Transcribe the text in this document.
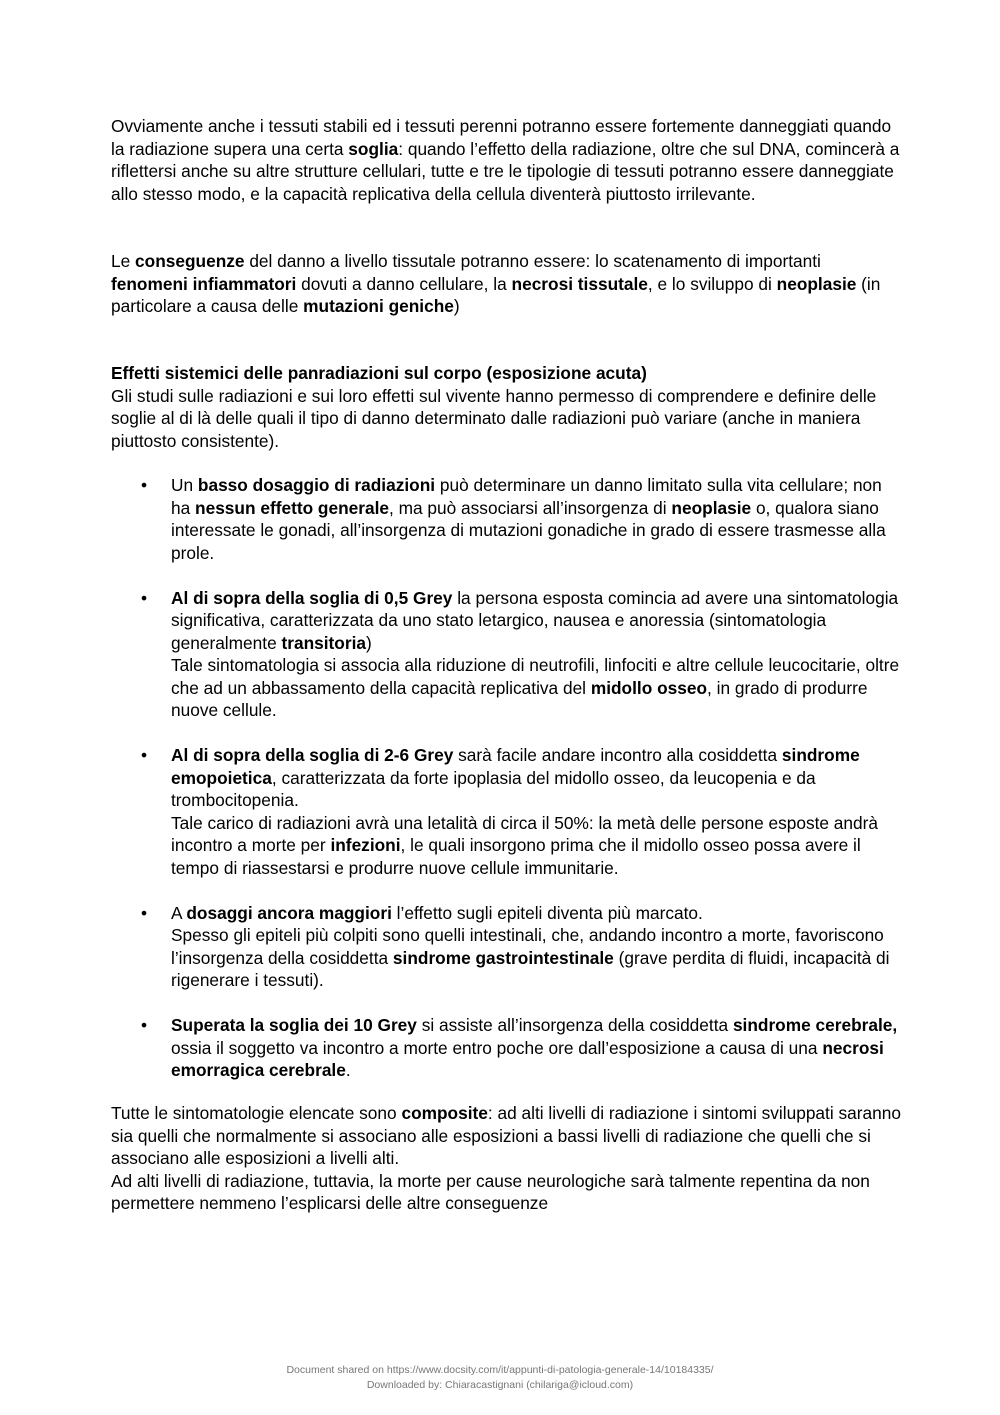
Ovviamente anche i tessuti stabili ed i tessuti perenni potranno essere fortemente danneggiati quando la radiazione supera una certa soglia: quando l’effetto della radiazione, oltre che sul DNA, comincerà a riflettersi anche su altre strutture cellulari, tutte e tre le tipologie di tessuti potranno essere danneggiate allo stesso modo, e la capacità replicativa della cellula diventerà piuttosto irrilevante.

Le conseguenze del danno a livello tissutale potranno essere: lo scatenamento di importanti fenomeni infiammatori dovuti a danno cellulare, la necrosi tissutale, e lo sviluppo di neoplasie (in particolare a causa delle mutazioni geniche)

Effetti sistemici delle panradiazioni sul corpo (esposizione acuta)

Gli studi sulle radiazioni e sui loro effetti sul vivente hanno permesso di comprendere e definire delle soglie al di là delle quali il tipo di danno determinato dalle radiazioni può variare (anche in maniera piuttosto consistente).

• Un basso dosaggio di radiazioni può determinare un danno limitato sulla vita cellulare; non ha nessun effetto generale, ma può associarsi all’insorgenza di neoplasie o, qualora siano interessate le gonadi, all’insorgenza di mutazioni gonadiche in grado di essere trasmesse alla prole.
• Al di sopra della soglia di 0,5 Grey la persona esposta comincia ad avere una sintomatologia significativa, caratterizzata da uno stato letargico, nausea e anoressia (sintomatologia generalmente transitoria)
Tale sintomatologia si associa alla riduzione di neutrofili, linfociti e altre cellule leucocitarie, oltre che ad un abbassamento della capacità replicativa del midollo osseo, in grado di produrre nuove cellule.
• Al di sopra della soglia di 2-6 Grey sarà facile andare incontro alla cosiddetta sindrome emopoietica, caratterizzata da forte ipoplasia del midollo osseo, da leucopenia e da trombocitopenia.
Tale carico di radiazioni avrà una letalità di circa il 50%: la metà delle persone esposte andrà incontro a morte per infezioni, le quali insorgono prima che il midollo osseo possa avere il tempo di riassestarsi e produrre nuove cellule immunitarie.
• A dosaggi ancora maggiori l’effetto sugli epiteli diventa più marcato.
Spesso gli epiteli più colpiti sono quelli intestinali, che, andando incontro a morte, favoriscono l’insorgenza della cosiddetta sindrome gastrointestinale (grave perdita di fluidi, incapacità di rigenerare i tessuti).
• Superata la soglia dei 10 Grey si assiste all’insorgenza della cosiddetta sindrome cerebrale, ossia il soggetto va incontro a morte entro poche ore dall’esposizione a causa di una necrosi emorragica cerebrale.

Tutte le sintomatologie elencate sono composite: ad alti livelli di radiazione i sintomi sviluppati saranno sia quelli che normalmente si associano alle esposizioni a bassi livelli di radiazione che quelli che si associano alle esposizioni a livelli alti.

Ad alti livelli di radiazione, tuttavia, la morte per cause neurologiche sarà talmente repentina da non permettere nemmeno l’esplicarsi delle altre conseguenze

Document shared on https://www.docsity.com/it/appunti-di-patologia-generale-14/10184335/
Downloaded by: Chiaracastignani (chilariga@icloud.com)
